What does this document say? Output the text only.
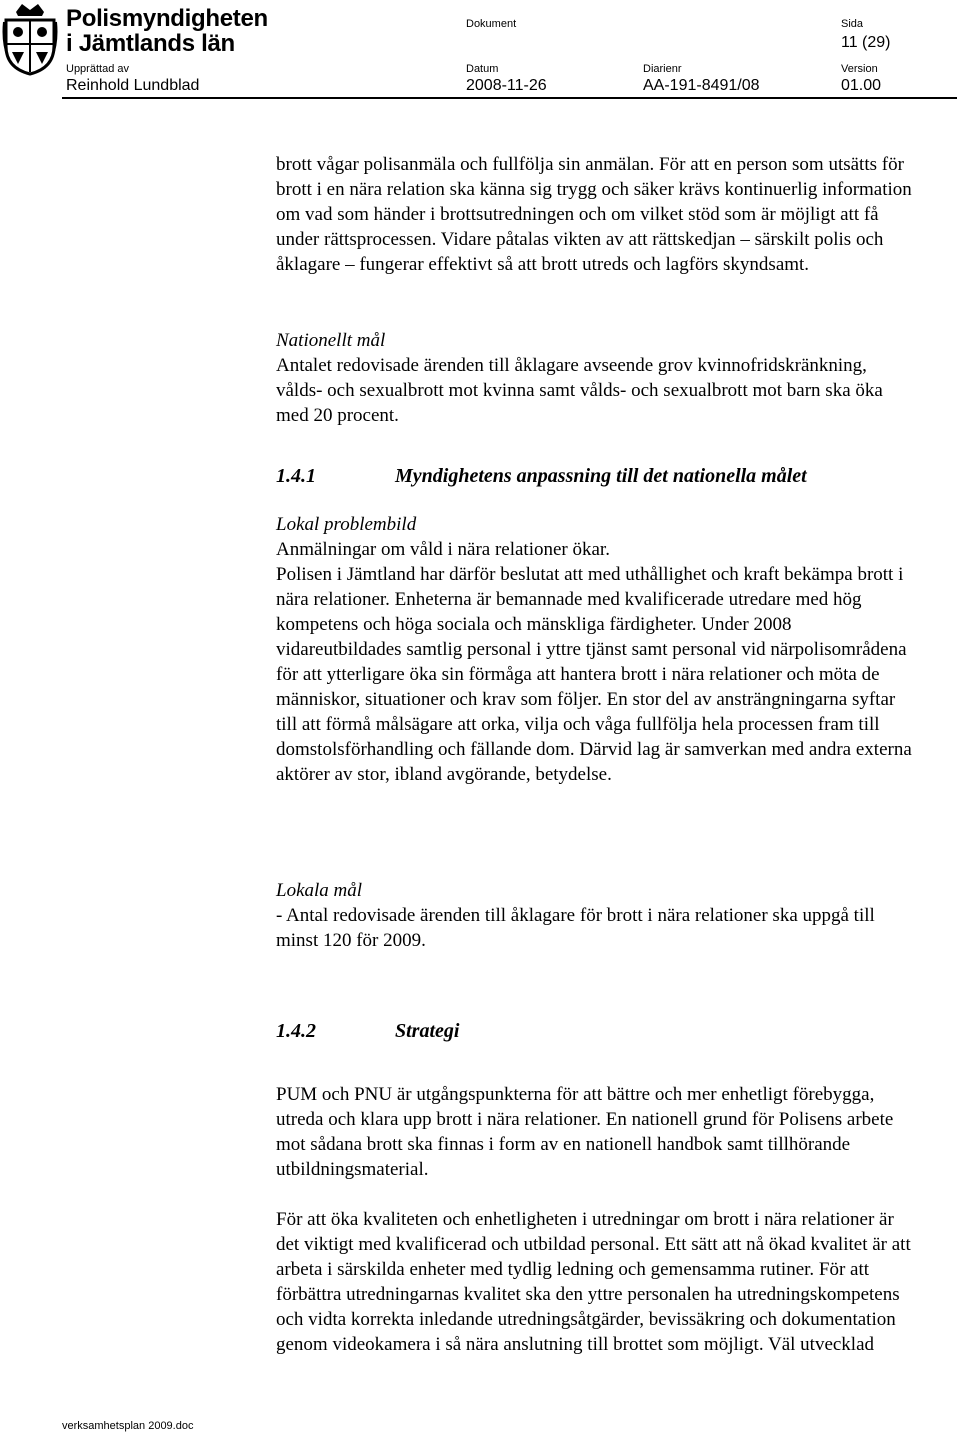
Polismyndigheten
i Jämtlands län
Dokument	Sida
11 (29)
Upprättad av	Datum	Diarienr	Version
Reinhold Lundblad	2008-11-26	AA-191-8491/08	01.00

brott vågar polisanmäla och fullfölja sin anmälan. För att en person som utsätts för brott i en nära relation ska känna sig trygg och säker krävs kontinuerlig information om vad som händer i brottsutredningen och om vilket stöd som är möjligt att få under rättsprocessen. Vidare påtalas vikten av att rättskedjan – särskilt polis och åklagare – fungerar effektivt så att brott utreds och lagförs skyndsamt.

Nationellt mål

Antalet redovisade ärenden till åklagare avseende grov kvinnofridskränkning, vålds- och sexualbrott mot kvinna samt vålds- och sexualbrott mot barn ska öka med 20 procent.

1.4.1	Myndighetens anpassning till det nationella målet

Lokal problembild

Anmälningar om våld i nära relationer ökar.

Polisen i Jämtland har därför beslutat att med uthållighet och kraft bekämpa brott i nära relationer. Enheterna är bemannade med kvalificerade utredare med hög kompetens och höga sociala och mänskliga färdigheter. Under 2008 vidareutbildades samtlig personal i yttre tjänst samt personal vid närpolisområdena för att ytterligare öka sin förmåga att hantera brott i nära relationer och möta de människor, situationer och krav som följer. En stor del av ansträngningarna syftar till att förmå målsägare att orka, vilja och våga fullfölja hela processen fram till domstolsförhandling och fällande dom. Därvid lag är samverkan med andra externa aktörer av stor, ibland avgörande, betydelse.

Lokala mål

- Antal redovisade ärenden till åklagare för brott i nära relationer ska uppgå till minst 120 för 2009.

1.4.2	Strategi

PUM och PNU är utgångspunkterna för att bättre och mer enhetligt förebygga, utreda och klara upp brott i nära relationer. En nationell grund för Polisens arbete mot sådana brott ska finnas i form av en nationell handbok samt tillhörande utbildningsmaterial.

För att öka kvaliteten och enhetligheten i utredningar om brott i nära relationer är det viktigt med kvalificerad och utbildad personal. Ett sätt att nå ökad kvalitet är att arbeta i särskilda enheter med tydlig ledning och gemensamma rutiner. För att förbättra utredningarnas kvalitet ska den yttre personalen ha utredningskompetens och vidta korrekta inledande utredningsåtgärder, bevissäkring och dokumentation genom videokamera i så nära anslutning till brottet som möjligt. Väl utvecklad

verksamhetsplan 2009.doc
